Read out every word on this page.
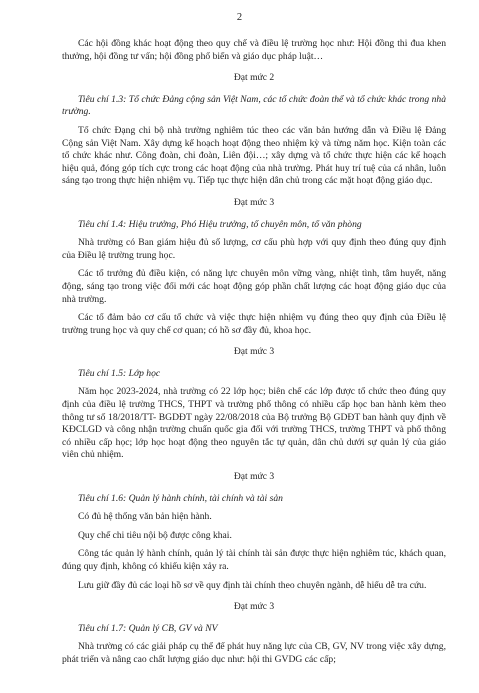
2

Các hội đồng khác hoạt động theo quy chế và điều lệ trường học như: Hội đồng thi đua khen thưởng, hội đồng tư vấn; hội đồng phổ biến và giáo dục pháp luật…

Đạt mức 2

Tiêu chí 1.3: Tổ chức Đảng cộng sản Việt Nam, các tổ chức đoàn thể và tổ chức khác trong nhà trường.

Tổ chức Đạng chi bộ nhà trường nghiêm túc theo các văn bản hướng dẫn và Điều lệ Đảng Cộng sản Việt Nam. Xây dựng kế hoạch hoạt động theo nhiệm kỳ và từng năm học. Kiện toàn các tổ chức khác như. Công đoàn, chi đoàn, Liên đội…; xây dựng và tổ chức thực hiện các kế hoạch hiệu quả, đóng góp tích cực trong các hoạt động của nhà trường. Phát huy trí tuệ của cá nhân, luôn sáng tạo trong thực hiện nhiệm vụ. Tiếp tục thực hiện dân chủ trong các mặt hoạt động giáo dục.

Đạt mức 3

Tiêu chí 1.4: Hiệu trưởng, Phó Hiệu trưởng, tổ chuyên môn, tổ văn phòng

Nhà trường có Ban giám hiệu đủ số lượng, cơ cấu phù hợp với quy định theo đúng quy định của Điều lệ trường trung học.

Các tổ trưởng đủ điều kiện, có năng lực chuyên môn vững vàng, nhiệt tình, tâm huyết, năng động, sáng tạo trong việc đổi mới các hoạt động góp phần chất lượng các hoạt động giáo dục của nhà trường.

Các tổ đảm bảo cơ cấu tổ chức và việc thực hiện nhiệm vụ đúng theo quy định của Điều lệ trường trung học và quy chế cơ quan; có hồ sơ đầy đủ, khoa học.

Đạt mức 3

Tiêu chí 1.5: Lớp học

Năm học 2023-2024, nhà trường có 22 lớp học; biên chế các lớp được tổ chức theo đúng quy định của điều lệ trường THCS, THPT và trường phổ thông có nhiều cấp học ban hành kèm theo thông tư số 18/2018/TT- BGDĐT ngày 22/08/2018 của Bộ trưởng Bộ GDĐT ban hành quy định về KĐCLGD và công nhận trường chuẩn quốc gia đối với trường THCS, trường THPT và phổ thông có nhiều cấp học; lớp học hoạt động theo nguyên tắc tự quản, dân chủ dưới sự quản lý của giáo viên chủ nhiệm.

Đạt mức 3

Tiêu chí 1.6: Quản lý hành chính, tài chính và tài sản

Có đủ hệ thống văn bản hiện hành.

Quy chế chi tiêu nội bộ được công khai.

Công tác quản lý hành chính, quản lý tài chính tài sản được thực hiện nghiêm túc, khách quan, đúng quy định, không có khiếu kiện xảy ra.

Lưu giữ đầy đủ các loại hồ sơ về quy định tài chính theo chuyên ngành, dễ hiểu dễ tra cứu.

Đạt mức 3

Tiêu chí 1.7: Quản lý CB, GV và NV

Nhà trường có các giải pháp cụ thể để phát huy năng lực của CB, GV, NV trong việc xây dựng, phát triển và nâng cao chất lượng giáo dục như: hội thi GVDG các cấp;
